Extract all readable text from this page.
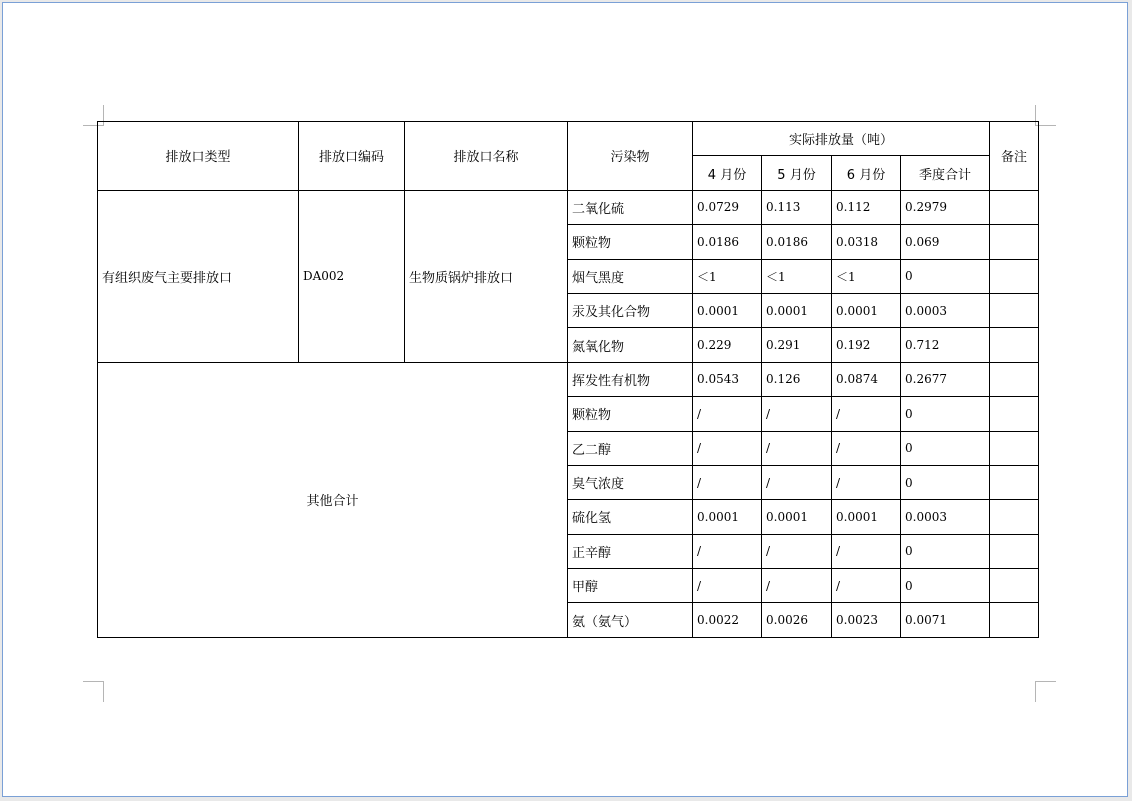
排放口类型	排放口编码	排放口名称	污染物	实际排放量（吨）				备注
				4 月份	5 月份	6 月份	季度合计	
有组织废气主要排放口	DA002	生物质锅炉排放口	二氧化硫	0.0729	0.113	0.112	0.2979	
			颗粒物	0.0186	0.0186	0.0318	0.069	
			烟气黑度	＜1	＜1	＜1	0	
			汞及其化合物	0.0001	0.0001	0.0001	0.0003	
			氮氧化物	0.229	0.291	0.192	0.712	
其他合计			挥发性有机物	0.0543	0.126	0.0874	0.2677	
			颗粒物	/	/	/	0	
			乙二醇	/	/	/	0	
			臭气浓度	/	/	/	0	
			硫化氢	0.0001	0.0001	0.0001	0.0003	
			正辛醇	/	/	/	0	
			甲醇	/	/	/	0	
			氨（氨气）	0.0022	0.0026	0.0023	0.0071	
